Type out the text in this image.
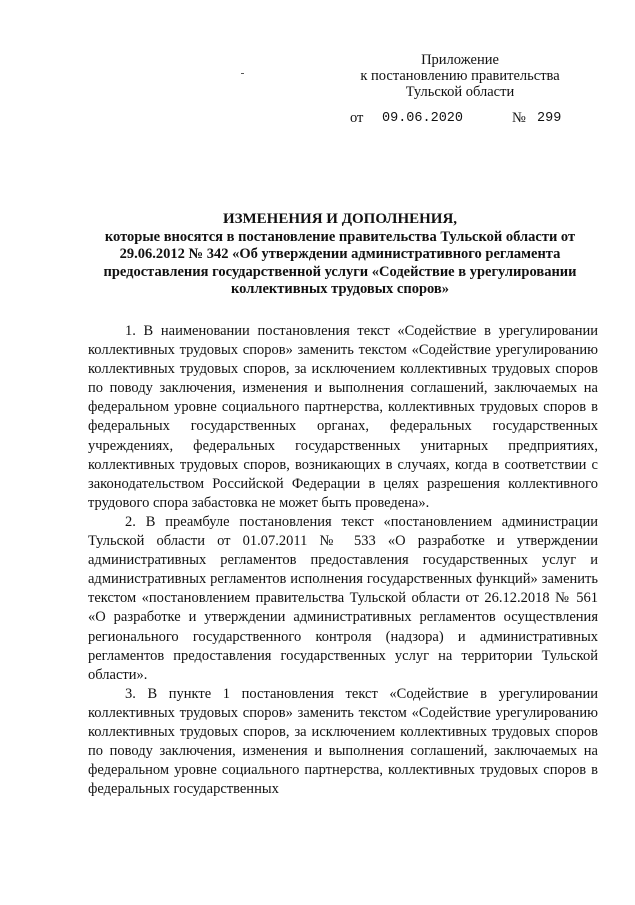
Приложение
к постановлению правительства
Тульской области
от 09.06.2020	№ 299
ИЗМЕНЕНИЯ И ДОПОЛНЕНИЯ,
которые вносятся в постановление правительства Тульской области от 29.06.2012 № 342 «Об утверждении административного регламента предоставления государственной услуги «Содействие в урегулировании коллективных трудовых споров»

1. В наименовании постановления текст «Содействие в урегулировании коллективных трудовых споров» заменить текстом «Содействие урегулированию коллективных трудовых споров, за исключением коллективных трудовых споров по поводу заключения, изменения и выполнения соглашений, заключаемых на федеральном уровне социального партнерства, коллективных трудовых споров в федеральных государственных органах, федеральных государственных учреждениях, федеральных государственных унитарных предприятиях, коллективных трудовых споров, возникающих в случаях, когда в соответствии с законодательством Российской Федерации в целях разрешения коллективного трудового спора забастовка не может быть проведена».

2. В преамбуле постановления текст «постановлением администрации Тульской области от 01.07.2011 № 533 «О разработке и утверждении административных регламентов предоставления государственных услуг и административных регламентов исполнения государственных функций» заменить текстом «постановлением правительства Тульской области от 26.12.2018 № 561 «О разработке и утверждении административных регламентов осуществления регионального государственного контроля (надзора) и административных регламентов предоставления государственных услуг на территории Тульской области».

3. В пункте 1 постановления текст «Содействие в урегулировании коллективных трудовых споров» заменить текстом «Содействие урегулированию коллективных трудовых споров, за исключением коллективных трудовых споров по поводу заключения, изменения и выполнения соглашений, заключаемых на федеральном уровне социального партнерства, коллективных трудовых споров в федеральных государственных
